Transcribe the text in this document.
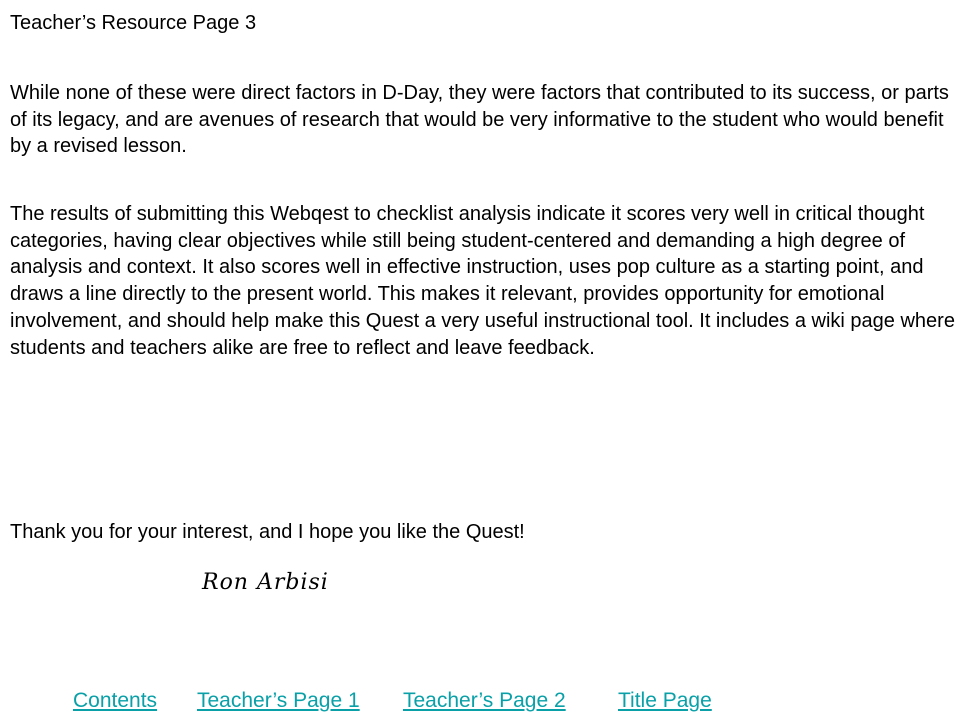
Teacher’s Resource Page 3

While none of these were direct factors in D-Day, they were factors that contributed to its success, or parts of its legacy, and are avenues of research that would be very informative to the student who would benefit by a revised lesson.

The results of submitting this Webqest to checklist analysis indicate it scores very well in critical thought categories, having clear objectives while still being student-centered and demanding a high degree of analysis and context. It also scores well in effective instruction, uses pop culture as a starting point, and draws a line directly to the present world. This makes it relevant, provides opportunity for emotional involvement, and should help make this Quest a very useful instructional tool. It includes a wiki page where students and teachers alike are free to reflect and leave feedback.

Thank you for your interest, and I hope you like the Quest!
Ron Arbisi
Contents Teacher’s Page 1 Teacher’s Page 2 Title Page
